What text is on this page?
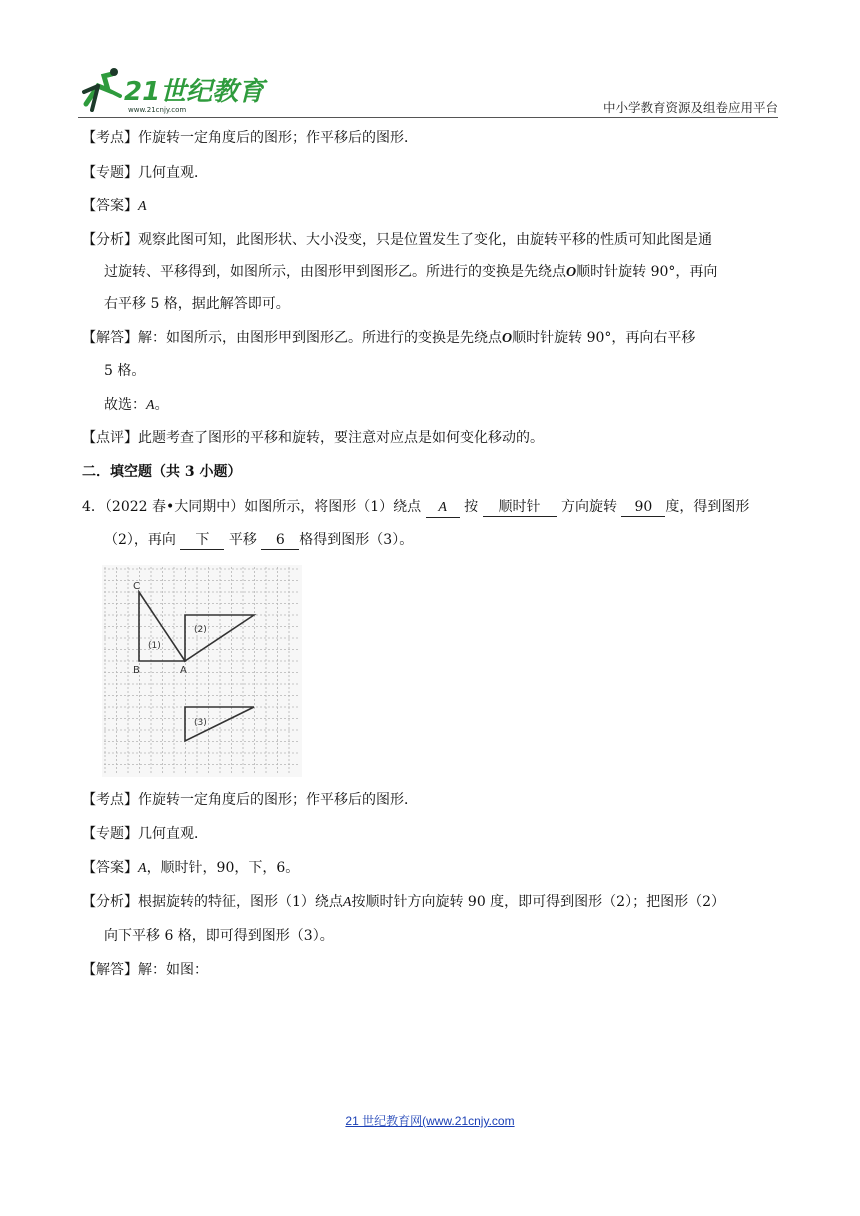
21世纪教育
www.21cnjy.com	中小学教育资源及组卷应用平台
【考点】作旋转一定角度后的图形；作平移后的图形．
【专题】几何直观．
【答案】A
【分析】观察此图可知，此图形状、大小没变，只是位置发生了变化，由旋转平移的性质可知此图是通
过旋转、平移得到，如图所示，由图形甲到图形乙。所进行的变换是先绕点O顺时针旋转 90°，再向
右平移 5 格，据此解答即可。
【解答】解：如图所示，由图形甲到图形乙。所进行的变换是先绕点O顺时针旋转 90°，再向右平移
5 格。
故选：A。
【点评】此题考查了图形的平移和旋转，要注意对应点是如何变化移动的。
二．填空题（共 3 小题）
4．（2022 春•大同期中）如图所示，将图形（1）绕点 A 按 顺时针 方向旋转 90 度，得到图形
（2），再向 下 平移 6 格得到图形（3）。
C
B	A
(1)
(2)
(3)
【考点】作旋转一定角度后的图形；作平移后的图形．
【专题】几何直观．
【答案】A，顺时针，90，下，6。
【分析】根据旋转的特征，图形（1）绕点A按顺时针方向旋转 90 度，即可得到图形（2）；把图形（2）
向下平移 6 格，即可得到图形（3）。
【解答】解：如图：
21 世纪教育网(www.21cnjy.com
